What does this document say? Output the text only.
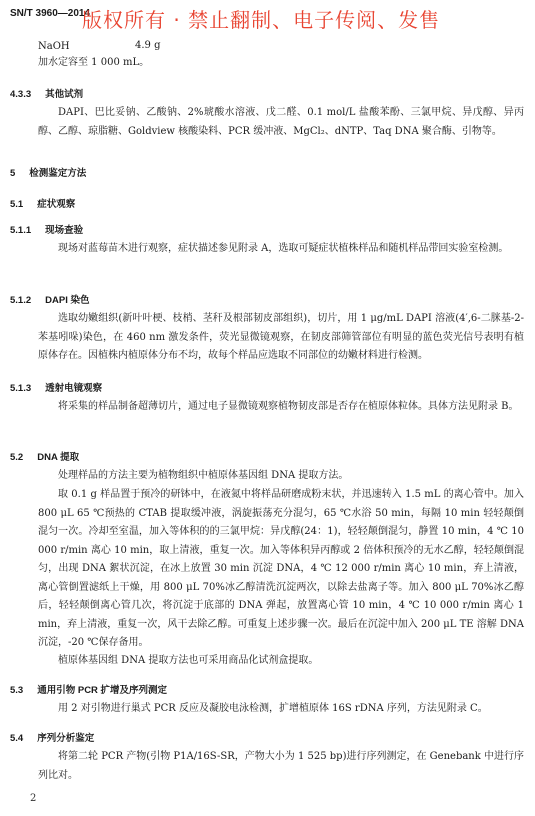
SN/T 3960—2014
版权所有 · 禁止翻制、电子传阅、发售
NaOH	4.9 g
加水定容至 1 000 mL。
4.3.3 其他试剂
DAPI、巴比妥钠、乙酸钠、2%琥酸水溶液、戊二醛、0.1 mol/L 盐酸苯酚、三氯甲烷、异戊醇、异丙醇、乙醇、琼脂糖、Goldview 核酸染料、PCR 缓冲液、MgCl₂、dNTP、Taq DNA 聚合酶、引物等。
5 检测鉴定方法
5.1 症状观察
5.1.1 现场查验
现场对蓝莓苗木进行观察，症状描述参见附录 A，选取可疑症状植株样品和随机样品带回实验室检测。
5.1.2 DAPI 染色
选取幼嫩组织(新叶叶梗、枝梢、茎秆及根部韧皮部组织)，切片，用 1 μg/mL DAPI 溶液(4′,6-二脒基-2-苯基吲哚)染色，在 460 nm 激发条件，荧光显微镜观察，在韧皮部筛管部位有明显的蓝色荧光信号表明有植原体存在。因植株内植原体分布不均，故每个样品应选取不同部位的幼嫩材料进行检测。
5.1.3 透射电镜观察
将采集的样品制备超薄切片，通过电子显微镜观察植物韧皮部是否存在植原体粒体。具体方法见附录 B。
5.2 DNA 提取
处理样品的方法主要为植物组织中植原体基因组 DNA 提取方法。
取 0.1 g 样品置于预冷的研钵中，在液氮中将样品研磨成粉末状，并迅速转入 1.5 mL 的离心管中。加入 800 μL 65 ℃预热的 CTAB 提取缓冲液，涡旋振荡充分混匀，65 ℃水浴 50 min，每隔 10 min 轻轻颠倒混匀一次。冷却至室温，加入等体积的的三氯甲烷：异戊醇(24：1)，轻轻颠倒混匀，静置 10 min，4 ℃ 10 000 r/min 离心 10 min，取上清液，重复一次。加入等体积异丙醇或 2 倍体积预冷的无水乙醇，轻轻颠倒混匀，出现 DNA 絮状沉淀，在冰上放置 30 min 沉淀 DNA，4 ℃ 12 000 r/min 离心 10 min，弃上清液，离心管倒置滤纸上干燥，用 800 μL 70%冰乙醇清洗沉淀两次，以除去盐离子等。加入 800 μL 70%冰乙醇后，轻轻颠倒离心管几次，将沉淀于底部的 DNA 弹起，放置离心管 10 min，4 ℃ 10 000 r/min 离心 1 min，弃上清液，重复一次，风干去除乙醇。可重复上述步骤一次。最后在沉淀中加入 200 μL TE 溶解 DNA 沉淀，-20 ℃保存备用。
植原体基因组 DNA 提取方法也可采用商品化试剂盒提取。
5.3 通用引物 PCR 扩增及序列测定
用 2 对引物进行巢式 PCR 反应及凝胶电泳检测，扩增植原体 16S rDNA 序列，方法见附录 C。
5.4 序列分析鉴定
将第二轮 PCR 产物(引物 P1A/16S-SR，产物大小为 1 525 bp)进行序列测定，在 Genebank 中进行序列比对。
2
